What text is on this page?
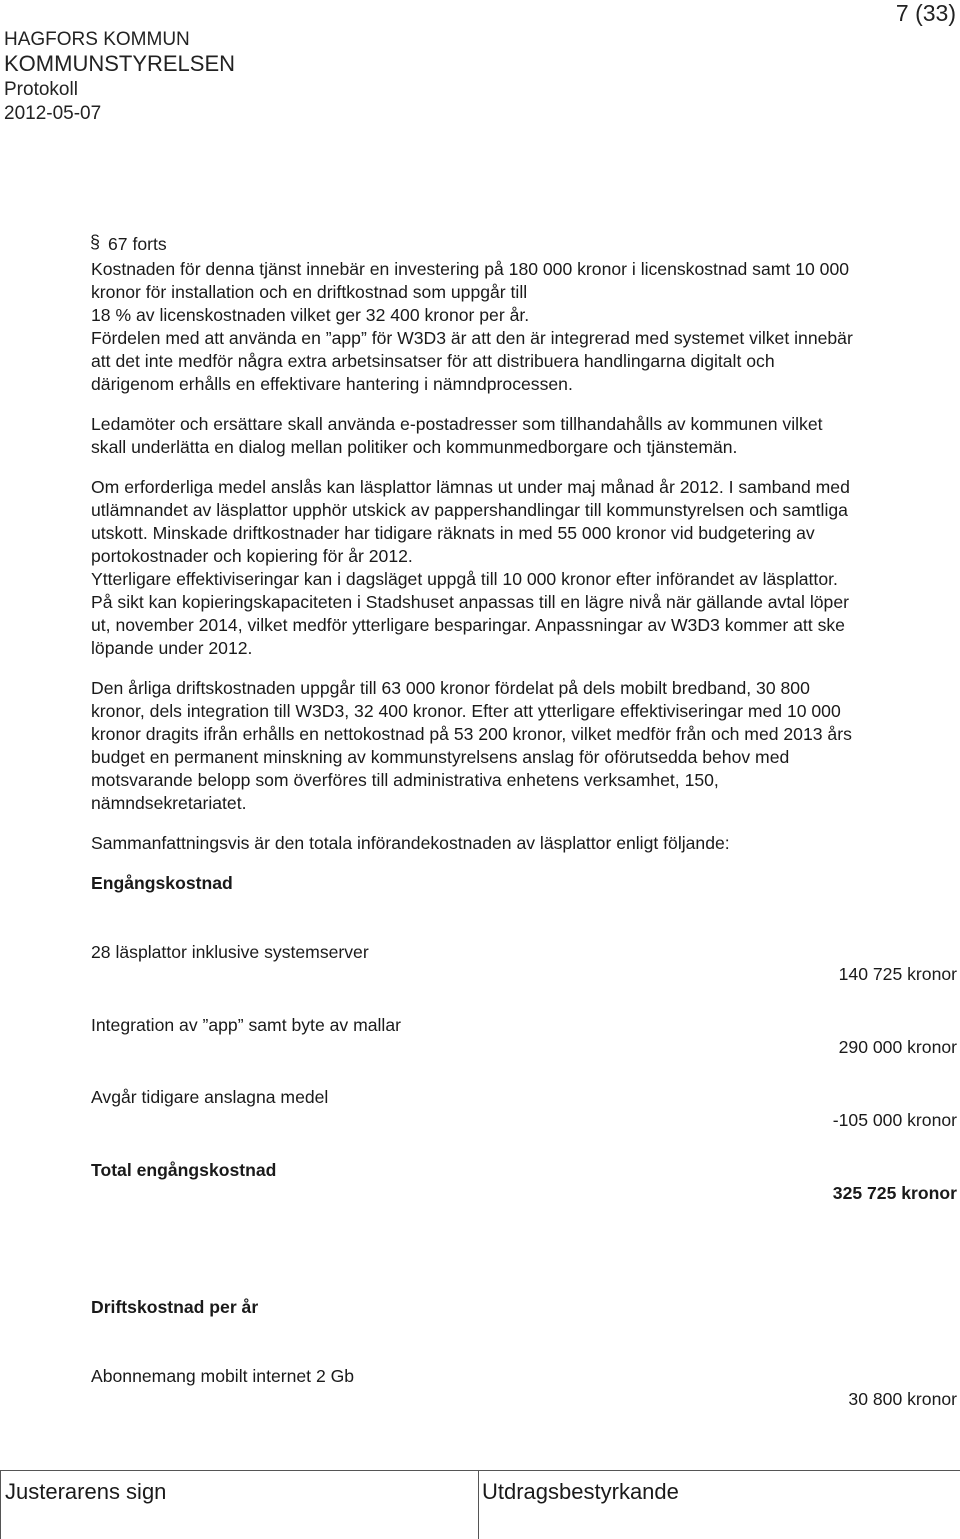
HAGFORS KOMMUN
KOMMUNSTYRELSEN
Protokoll
2012-05-07
7 (33)
§ 67 forts
Kostnaden för denna tjänst innebär en investering på 180 000 kronor i licenskostnad samt 10 000
kronor för installation och en driftkostnad som uppgår till
18 % av licenskostnaden vilket ger 32 400 kronor per år.
Fördelen med att använda en ”app” för W3D3 är att den är integrerad med systemet vilket innebär
att det inte medför några extra arbetsinsatser för att distribuera handlingarna digitalt och
därigenom erhålls en effektivare hantering i nämndprocessen.
Ledamöter och ersättare skall använda e-postadresser som tillhandahålls av kommunen vilket
skall underlätta en dialog mellan politiker och kommunmedborgare och tjänstemän.
Om erforderliga medel anslås kan läsplattor lämnas ut under maj månad år 2012. I samband med
utlämnandet av läsplattor upphör utskick av pappershandlingar till kommunstyrelsen och samtliga
utskott. Minskade driftkostnader har tidigare räknats in med 55 000 kronor vid budgetering av
portokostnader och kopiering för år 2012.
Ytterligare effektiviseringar kan i dagsläget uppgå till 10 000 kronor efter införandet av läsplattor.
På sikt kan kopieringskapaciteten i Stadshuset anpassas till en lägre nivå när gällande avtal löper
ut, november 2014, vilket medför ytterligare besparingar. Anpassningar av W3D3 kommer att ske
löpande under 2012.
Den årliga driftskostnaden uppgår till 63 000 kronor fördelat på dels mobilt bredband, 30 800
kronor, dels integration till W3D3, 32 400 kronor. Efter att ytterligare effektiviseringar med 10 000
kronor dragits ifrån erhålls en nettokostnad på 53 200 kronor, vilket medför från och med 2013 års
budget en permanent minskning av kommunstyrelsens anslag för oförutsedda behov med
motsvarande belopp som överföres till administrativa enhetens verksamhet, 150,
nämndsekretariatet.
Sammanfattningsvis är den totala införandekostnaden av läsplattor enligt följande:
Engångskostnad
28 läsplattor inklusive systemserver
140 725 kronor
Integration av ”app” samt byte av mallar
290 000 kronor
Avgår tidigare anslagna medel
-105 000 kronor
Total engångskostnad
325 725 kronor
Driftskostnad per år
Abonnemang mobilt internet 2 Gb
30 800 kronor
Justerarens sign	Utdragsbestyrkande
